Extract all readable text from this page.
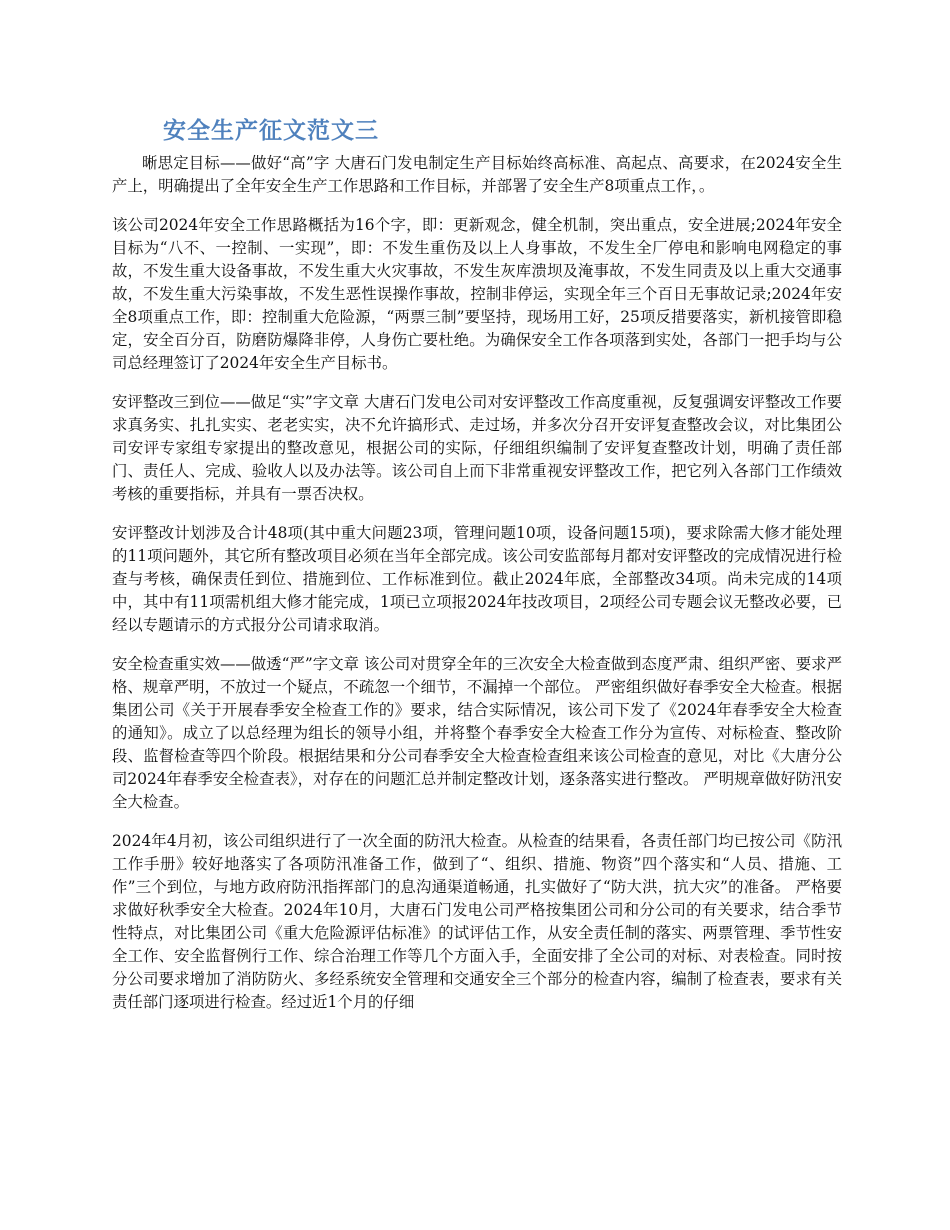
安全生产征文范文三

晰思定目标——做好“高”字 大唐石门发电制定生产目标始终高标准、高起点、高要求，在2024安全生产上，明确提出了全年安全生产工作思路和工作目标，并部署了安全生产8项重点工作，。

该公司2024年安全工作思路概括为16个字，即：更新观念，健全机制，突出重点，安全进展;2024年安全目标为“八不、一控制、一实现”，即：不发生重伤及以上人身事故，不发生全厂停电和影响电网稳定的事故，不发生重大设备事故，不发生重大火灾事故，不发生灰库溃坝及淹事故，不发生同责及以上重大交通事故，不发生重大污染事故，不发生恶性误操作事故，控制非停运，实现全年三个百日无事故记录;2024年安全8项重点工作，即：控制重大危险源，“两票三制”要坚持，现场用工好，25项反措要落实，新机接管即稳定，安全百分百，防磨防爆降非停，人身伤亡要杜绝。为确保安全工作各项落到实处，各部门一把手均与公司总经理签订了2024年安全生产目标书。

安评整改三到位——做足“实”字文章 大唐石门发电公司对安评整改工作高度重视，反复强调安评整改工作要求真务实、扎扎实实、老老实实，决不允许搞形式、走过场，并多次分召开安评复查整改会议，对比集团公司安评专家组专家提出的整改意见，根据公司的实际，仔细组织编制了安评复查整改计划，明确了责任部门、责任人、完成、验收人以及办法等。该公司自上而下非常重视安评整改工作，把它列入各部门工作绩效考核的重要指标，并具有一票否决权。

安评整改计划涉及合计48项(其中重大问题23项，管理问题10项，设备问题15项)，要求除需大修才能处理的11项问题外，其它所有整改项目必须在当年全部完成。该公司安监部每月都对安评整改的完成情况进行检查与考核，确保责任到位、措施到位、工作标准到位。截止2024年底，全部整改34项。尚未完成的14项中，其中有11项需机组大修才能完成，1项已立项报2024年技改项目，2项经公司专题会议无整改必要，已经以专题请示的方式报分公司请求取消。

安全检查重实效——做透“严”字文章 该公司对贯穿全年的三次安全大检查做到态度严肃、组织严密、要求严格、规章严明，不放过一个疑点，不疏忽一个细节，不漏掉一个部位。 严密组织做好春季安全大检查。根据集团公司《关于开展春季安全检查工作的》要求，结合实际情况，该公司下发了《2024年春季安全大检查的通知》。成立了以总经理为组长的领导小组，并将整个春季安全大检查工作分为宣传、对标检查、整改阶段、监督检查等四个阶段。根据结果和分公司春季安全大检查检查组来该公司检查的意见，对比《大唐分公司2024年春季安全检查表》，对存在的问题汇总并制定整改计划，逐条落实进行整改。 严明规章做好防汛安全大检查。

2024年4月初，该公司组织进行了一次全面的防汛大检查。从检查的结果看，各责任部门均已按公司《防汛工作手册》较好地落实了各项防汛准备工作，做到了“、组织、措施、物资”四个落实和“人员、措施、工作”三个到位，与地方政府防汛指挥部门的息沟通渠道畅通，扎实做好了“防大洪，抗大灾”的准备。 严格要求做好秋季安全大检查。2024年10月，大唐石门发电公司严格按集团公司和分公司的有关要求，结合季节性特点，对比集团公司《重大危险源评估标准》的试评估工作，从安全责任制的落实、两票管理、季节性安全工作、安全监督例行工作、综合治理工作等几个方面入手，全面安排了全公司的对标、对表检查。同时按分公司要求增加了消防防火、多经系统安全管理和交通安全三个部分的检查内容，编制了检查表，要求有关责任部门逐项进行检查。经过近1个月的仔细
